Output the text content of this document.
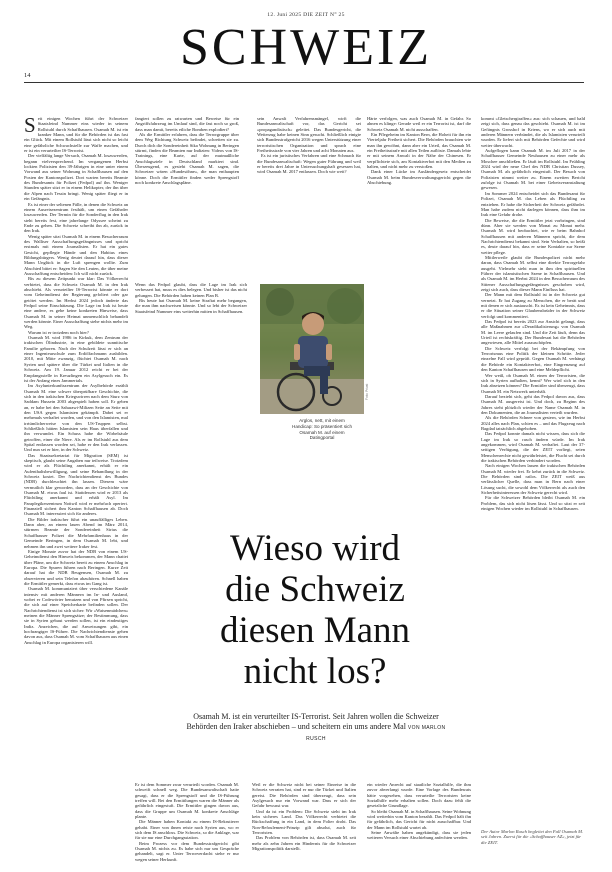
12. Juni 2025 DIE ZEIT N° 25
SCHWEIZ
14

Seit einigen Wochen führt der Schweizer Staatsfeind Nummer eins wieder in seinem Rollstuhl durch Schaffhausen. Osamah M. ist ein kranker Mann, und für die Behörden ist das fast ein Glück. Mit einem Rollstuhl lässt sich nicht so leicht eine gefährliche Schwachstelle zur Waffe machen, und er ist ein verurteilter IS-Terrorist.

Der vielfältig lange Versuch, Osamah M. loszuwerden, begann vielversprechend. Im vergangenen Herbst lockten Polizisten den 39-Jährigen in eine unter einem Vorwand aus seiner Wohnung in Schaffhausen auf den Posten der Kantonspolizei. Dort warten bereits Beamte des Bundesamts für Polizei (Fedpol) auf ihn. Weniger Stunden später sitzt er in einem Helikopter, der ihn über die Alpen nach Tessin bringt. Wenig später fliegt er in ein Gefängnis.

Es ist einer der seltenen Fälle, in denen die Schweiz an einem Ausreisezentrum festhält, um einen Gefährder loszuwerden. Der Termin für die Sonderflug in den Irak steht bereits fest, eine jahrelange Odyssee scheint zu Ende zu gehen. Die Schweiz schreibt ihn ab, zurück in den Irak.

Wenig später sitzt Osamah M. in einem Besucherraum des Walliser Ausschaffungsgefängnisses und spricht erstmals mit einem Journalisten. Er hat ein gutes Gesicht, gepflegte Hände und den Habitus eines Bildungsbürgers. Wenig deutet darauf hin, dass dieser Mann Unglück in die Luft sprengen wollte. Zum Abschied bittet er: Sagen Sie den Leuten, die über meine Ausschaffung entscheiden: Ich will nicht zurück.

Bis zu diesem Zeitpunkt war klar: Das Völkerrecht verbietet, dass die Schweiz Osamah M. in den Irak abschiebt. Als verurteilter IS-Terrorist könnte er dort vom Geheimdienst der Regierung gefoltert oder gar getötet werden. Im Herbst 2024 jedoch änderte das Fedpol seine Einschätzung. Die Lage im Irak ist heute eine andere, es gebe keine konkreten Hinweise, dass Osamah M. in seiner Heimat unmenschlich behandelt werden könnte. Einer Ausschaffung stehe nichts mehr im Weg.

Warum ist er trotzdem noch hier?

Osamah M. wird 1986 in Kirkuk, dem Zentrum der irakischen Ölindustrie, in eine gebildete sunnitische Familie geboren. Nach der Schulzeit lässt er sich an einer Ingenieurschule zum Erdölfachmann ausbilden. 2010, mit Mitte zwanzig, flüchtet Osamah M. nach Syrien und spätere über die Türkei und Italien in die Schweiz. Am 19. Januar 2012 reicht er bei der Empfangsstelle in Kreuzlingen ein Asylgesuch ein. Es ist der Anfang eines Jammertals.

Im Asylunterkunftszentrum der Asylbehörde erzählt Osamah M. eine schwer überprüfbare Geschichte, die sich in den irakischen Kriegswirren nach dem Sturz von Saddam Hussein 2003 abgespielt haben soll. Er geben an, er habe bei den Saharawi-Milizen Seite an Seite mit den USA gegen Islamisten gekämpft. Dabei sei er mehrmals verhaftet worden, und von den Islamisten, mal irrtümlicherweise von den US-Truppen selbst. Schließlich hätten Islamisten sein Haus überfallen und ihn verwundet. Ein Schuss habe die Wirbelsäule getroffen, einer die Niere. Als er im Rollstuhl aus dem Spital entlassen worden sei, habe er den Irak verlassen. Und nun sei er hier, in der Schweiz.

Das Staatssekretariat für Migration (SEM) ist skeptisch, glaubt seine Angaben nur teilweise. Trotzdem wird er als Flüchtling anerkannt, erhält er ein Aufenthaltsbewilligung, und seine Behandlung in der Schweiz kostet. Der Nachrichtendienst des Bundes (NDB) durchleuchtet ihn lassen. Diesem wäre vermutlich klar geworden, dass an der Geschichte von Osamah M. etwas faul ist. Stattdessen wird er 2013 als Flüchtling anerkannt und erhält Asyl. Im Paraplegikerzentrum Nottwil wird er mehrfach operiert. Finanziell sichert ihm Kanton Schaffhausen ab. Doch Osamah M. interessiert sich für anderes.

Die Bilder irakischer führt ein unauffälliges Leben. Dann aber, an einem lauen Abend im März 2014, stürmen Beamte der Sondereinheit Sirius die Schaffhauser Polizei die Mehrfamilienhaus in der Gemeinde Beringen, in dem Osamah M. lebt, und nehmen ihn und zwei weitere Iraker fest.

Einige Monate zuvor hat der NDB von einem US-Geheimdienst den Hinweis bekommen, der Mann chattet über Pläne, um die Schweiz bereit zu einem Anschlag in Europa. Die Spuren führen nach Beringen. Kurze Zeit darauf hat die NDB Beugensen, Osamah M. zu observieren und sein Telefon abzuhören. Schnell haben die Ermittler gemerkt, dass etwas im Gang ist.

Osamah M. kommuniziert über verschiedene Kanäle intensiv mit anderen Männern im In- und Ausland, wobei er Codewörter benutzen und von Pfirsen spricht, die sich auf einer Speicherkarte befinden sollen. Der Nachrichtendienst ist sich sicher: Wir »Waisenmädchen« meinen die Männer Sprengsätze; der Bestimmung, dass sie in Syrien gebaut werden sollen, ist ein eindeutiges Indiz. Anzeichen, die auf Anweisungen gibt, ein hochrangiger IS-Führer. Die Nachrichtendienste gehen davon aus, dass Osamah M. vom Schaffhausen aus einen Anschlag in Europa organisieren will.

fangiert sollen zu ratwarten und Beweise für ein Angriffsfahrzeug im Umlauf sind, die fast noch so groß, dass man damit, bereits etliche Bomben explodiert?

Als die Ermittler erfahren, dass die Terrorgruppe über dem Weg Richtung Schweiz befindet, schreiten sie zu. Durch dich die Sondereinheit Sika Wohnung in Beringen stürmt, finden die Beamten nur Indizien: Videos von IS-Trainings, eine Karte, auf der mutmaßliche Anschlagsziele in Deutschland markiert sind. Überzeugend, es gesteht Osamah M. sagen, die Schweizer wären »Hundesöhne«, die man enthaupten könne. Doch die Ermittler finden weder Sprengstoff noch konkrete Anschlagspläne.

sein Anwalt Verfahrensmängel, wirft die Bundesanwaltschaft vor, das Gericht sei »propagandistisch« geleitet. Das Bundesgericht, die Weiterzug habe keinen Sinn gesucht. Schließlich einigte sich Bundesstrafgericht 2016 wegen Unterstützung einer terroristischen Organisation und sprach eine Freiheitsstrafe von vier Jahren und acht Monaten aus.

Es ist ein juristisches Verfahren und eine Schmach für die Bundesanwaltschaft: Wegen guter Führung und weil er bereits drei Jahre in Untersuchungshaft gesessen hat, wird Osamah M. 2017 entlassen. Doch wie weit?

Härte verfolgen, was auch Osamah M. in Gefahr. So ahnen es klinge: Gerade weil er ein Terrorist ist, darf die Schweiz Osamah M. nicht ausschaffen.

Ein Pflegeheim im Kanton Bern, die Hoheit für ihn ein Vierteljahr Freiheit sichert. Die Behörden brauchten wie man ihn gewöhnt, dann aber ein Urteil, das Osamah M. ein Freiheitsstrafe mit allen Teilen auflöste. Damals lebte er mit seinem Anwalt in der Nähe der Chinesen. Er verpflichtete sich, am Kontaktverbot mit den Medien zu halten, und nicht mehr zu verstoßen.

Dank einer Lücke im Ausländergesetz entscheidet Osamah M. beim Bundesverwaltungsgericht gegen die Abschiebung.

kommt »Gletschergiraffen« aus: sich schauen, und bald zeigt sich, dass genau das geschieht. Osamah M. ist im Gefängnis Grosshof in Kriens, wo er sich auch mit anderen Männern verbündet, die als Islamisten verurteilt wurden. Er liefert sich mit Behörden Gefechte und wird weiter überwacht.

Aufgeflogen kann Osamah M. im Juli 2017 in der Schaffhauser Gemeinde Neuhausen zu einer mehr als Moschee anschließen. Er läuft im Rollstuhl. Im Frühling 2024 wird der neue Chef des NDB Christian Dussey, Osamah M. als gefährlich eingestuft. Der Besuch von Polizisten nimmt weiter zu. Einem zweiten Bericht zufolge ist Osamah M. bei einer Gebetsveranstaltung gewesen.

Im Sommer 2024 entscheidet sich das Bundesamt für Polizei, Osamah M. das Leben als Flüchtling zu entziehen. Er habe die Sicherheit der Schweiz gefährdet. Man habe zudem nicht darlegen können, dass ihm im Irak eine Gefahr drohe.

Die Beweise, die die Ermittler jetzt vorbringen, sind dünn. Aber sie werden von Monat zu Monat mehr. Osamah M. wird beobachtet, wie er beim Bahnhof Schaffhausen mit anderen Männern spricht, die dem Nachrichtendienst bekannt sind. Sein Verhalten, so heißt es, deute darauf hin, dass er seine Kontakte zur Szene weiter pflege.

Mittlerweile glaubt die Bundespolizei nicht mehr daran, dass Osamah M. selbst eine direkte Terrorgefahr ausgeht. Vielmehr sieht man in ihm den spirituellen Führer der islamistischen Szene in Schaffhausen. Und als Osamah M. im Herbst 2024 in den Besucherraum des Sittener Ausschaffungsgefängnisses geschoben wird, zeigt sich auch, dass dieser Mann Einfluss hat.

Der Mann mit dem Rollstuhl ist in der Schweiz gut vernetzt. Er hat Zugang zu Menschen, die er berät und mit denen er sich austauscht. Es ist kein Geheimnis, dass er die Situation seiner Glaubensbrüder in der Schweiz verfolgt und kommentiert.

Das Fedpol ist bereits 2023 zur Ansicht gelangt, dass alle Maßnahmen zur »Deradikalisierung« von Osamah M. im Leere gelaufen sind. Und die Zeit läuft, denn das Urteil ist rechtskräftig. Der Bundesrat hat die Behörden angewiesen, alle Mittel auszuschöpfen.

Die Schweiz verfolgt bei der Bekämpfung von Terrorismus eine Politik der kleinen Schritte. Jeder einzelne Fall wird geprüft. Gegen Osamah M. verhängt die Behörde ein Kontaktverbot, eine Eingrenzung auf den Kanton Schaffhausen und eine Meldepflicht.

Wer weiß, ob Osamah M. einen der Terroristen, die sich in Syrien aufhalten, kennt? Wer wird sich in den Irak absetzen können? Die Ermittler sind überzeugt, dass Osamah M. ein Netzwerk unterhält.

Darauf bezieht sich, geht das Fedpol davon aus, dass Osamah M. ausgereist ist. Und doch, zu Beginn des Jahres steht plötzlich wieder der Name Osamah M. in den Dokumenten, die an Journalisten verteilt wurden.

Als die Behörden Schnee von gestern, wie im Herbst 2024 alles nach Plan, schien es – und das Flugzeug nach Bagdad tatsächlich abgehoben.

Das Fedpol konnte damals nicht wissen, dass sich die Lage im Irak so rasch ändern würde. Im Irak angekommen, wird Osamah M. verhaftet. Laut der 37-seitigen Verfügung, die der ZEIT vorliegt, seien Menschenrechte nicht gewährleistet, die Flucht sei durch die irakischen Behörden verhindert worden.

Nach einigen Wochen lassen die irakischen Behörden Osamah M. wieder frei. Er kehrt zurück in die Schweiz. Die Behörden sind ratlos. Die ZEIT weiß aus verlässlicher Quelle, dass man in Bern nach einer Lösung sucht, die sowohl dem Völkerrecht als auch den Sicherheitsinteressen der Schweiz gerecht wird.

Für die Schweizer Behörden bleibt Osamah M. ein Problem, das sich nicht lösen lässt. Und so sitzt er seit einigen Wochen wieder im Rollstuhl in Schaffhausen.

Foto: Privat
Arglos, nett, mit einem Handicap: So präsentiert sich Osamah M. auf einem Datingportal
Wieso wird
die Schweiz
diesen Mann
nicht los?
Osamah M. ist ein verurteilter IS-Terrorist. Seit Jahren wollen die Schweizer Behörden den Iraker abschieben – und scheitern ein ums andere Mal VON MARLON RUSCH

Er ist dem Sommer zwar verurteilt worden. Osamah M. schweift schnell weg. Die Bundesanwaltschaft hatte gesagt, dass er die Sprengstoff und die IS-Führung treffen will. Bei den Ermittlungen waren die Männer als gefährlich eingestuft. Die Ermittler gingen davon aus, dass die Gruppe um Osamah M. konkrete Anschläge plante.

Die Männer haben Kontakt zu einem IS-Rekrutierer gehabt. Einer von ihnen reiste nach Syrien aus, wo er sich dem IS anschloss. Die Schweiz, so die Anklage, war für sie nur eine Durchgangsstation.

Beim Prozess vor dem Bundesstrafgericht gibt Osamah M. nichts zu. Es habe sich nur um Gespräche gehandelt, sagt er. Unter Terrorverdacht stehe er nur wegen seiner Herkunft.

Weil er die Schweiz nicht bei seiner Einreise in die Schweiz verraten hat, sind er nur die Türkei und Italien gereist. Die Behörden sind überzeugt, dass sein Asylgesuch nur ein Vorwand war. Dass er sich der Gefahr bewusst war.

Und da ist ein Problem: Die Schweiz sieht im Irak kein sicheres Land. Das Völkerrecht verbietet die Rückschaffung in ein Land, in dem Folter droht. Das Non-Refoulement-Prinzip gilt absolut, auch für Terroristen.

Das Problem von Behörden ist, dass Osamah M. seit mehr als zehn Jahren ein Hindernis für die Schweizer Migrationspolitik darstellt.

ein wieder Anrecht auf staatliche Sozialhilfe, die ihm zuvor abverlangt wurde. Eine Vorlage des Bundesrats hätte vorgesehen, dass verurteilte Terroristen keine Sozialhilfe mehr erhalten sollen. Doch dazu fehlt die gesetzliche Grundlage.

So bleibt Osamah M. in Schaffhausen. Seine Wohnung wird weiterhin vom Kanton bezahlt. Das Fedpol hält ihn für gefährlich, das Gericht für nicht ausschaffbar. Und der Mann im Rollstuhl wartet ab.

Seine Anwälte haben angekündigt, dass sie jeden weiteren Versuch einer Abschiebung anfechten werden.

Wenn das Fedpol glaubt, dass die Lage im Irak sich verbessert hat, muss es dies belegen. Und bisher ist das nicht gelungen. Die Behörden haben keinen Plan B.

Bis heute hat Osamah M. keine Straftat mehr begangen, die man ihm nachweisen könnte. Und so lebt der Schweizer Staatsfeind Nummer eins weiterhin mitten in Schaffhausen.

Der Autor Marlon Rusch begleitet den Fall Osamah M. seit Jahren. Zuerst für die »Schaffhauser AZ«, jetzt für die ZEIT.
